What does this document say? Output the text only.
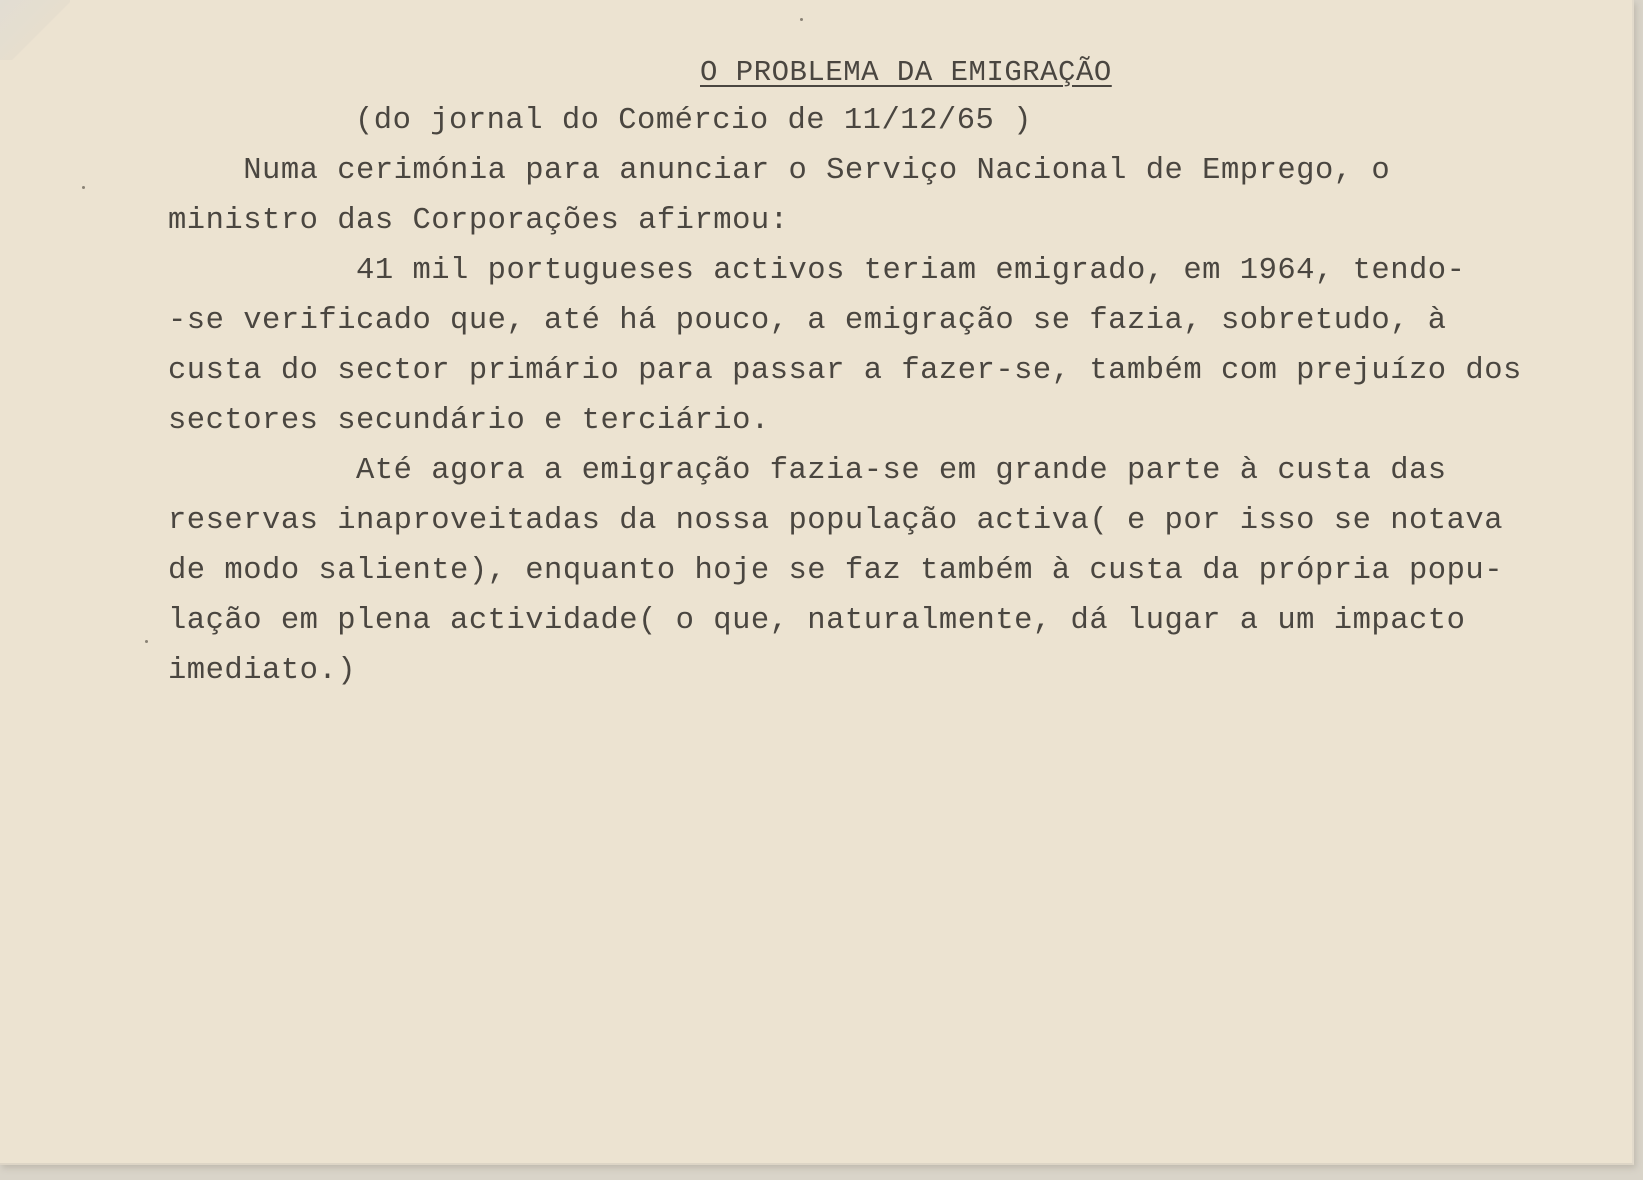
O PROBLEMA DA EMIGRAÇÃO
(do jornal do Comércio de 11/12/65 )
Numa cerimónia para anunciar o Serviço Nacional de Emprego, o
ministro das Corporações afirmou:
41 mil portugueses activos teriam emigrado, em 1964, tendo-
-se verificado que, até há pouco, a emigração se fazia, sobretudo, à
custa do sector primário para passar a fazer-se, também com prejuízo dos
sectores secundário e terciário.
Até agora a emigração fazia-se em grande parte à custa das
reservas inaproveitadas da nossa população activa( e por isso se notava
de modo saliente), enquanto hoje se faz também à custa da própria popu-
lação em plena actividade( o que, naturalmente, dá lugar a um impacto
imediato.)
